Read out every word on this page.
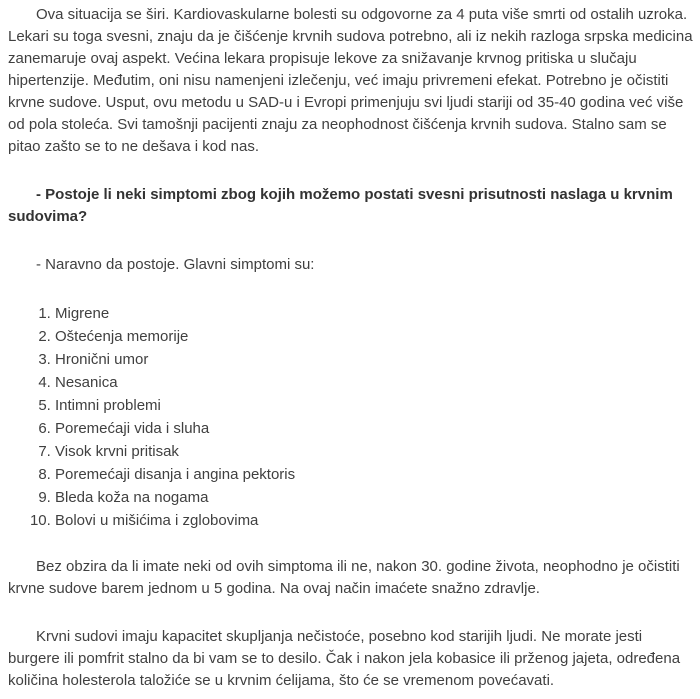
Ova situacija se širi. Kardiovaskularne bolesti su odgovorne za 4 puta više smrti od ostalih uzroka. Lekari su toga svesni, znaju da je čišćenje krvnih sudova potrebno, ali iz nekih razloga srpska medicina zanemaruje ovaj aspekt. Većina lekara propisuje lekove za snižavanje krvnog pritiska u slučaju hipertenzije. Međutim, oni nisu namenjeni izlečenju, već imaju privremeni efekat. Potrebno je očistiti krvne sudove. Usput, ovu metodu u SAD-u i Evropi primenjuju svi ljudi stariji od 35-40 godina već više od pola stoleća. Svi tamošnji pacijenti znaju za neophodnost čišćenja krvnih sudova. Stalno sam se pitao zašto se to ne dešava i kod nas.

- Postoje li neki simptomi zbog kojih možemo postati svesni prisutnosti naslaga u krvnim sudovima?

- Naravno da postoje. Glavni simptomi su:

1. Migrene
2. Oštećenja memorije
3. Hronični umor
4. Nesanica
5. Intimni problemi
6. Poremećaji vida i sluha
7. Visok krvni pritisak
8. Poremećaji disanja i angina pektoris
9. Bleda koža na nogama
10. Bolovi u mišićima i zglobovima

Bez obzira da li imate neki od ovih simptoma ili ne, nakon 30. godine života, neophodno je očistiti krvne sudove barem jednom u 5 godina. Na ovaj način imaćete snažno zdravlje.

Krvni sudovi imaju kapacitet skupljanja nečistoće, posebno kod starijih ljudi. Ne morate jesti burgere ili pomfrit stalno da bi vam se to desilo. Čak i nakon jela kobasice ili prženog jajeta, određena količina holesterola taložiće se u krvnim ćelijama, što će se vremenom povećavati.
